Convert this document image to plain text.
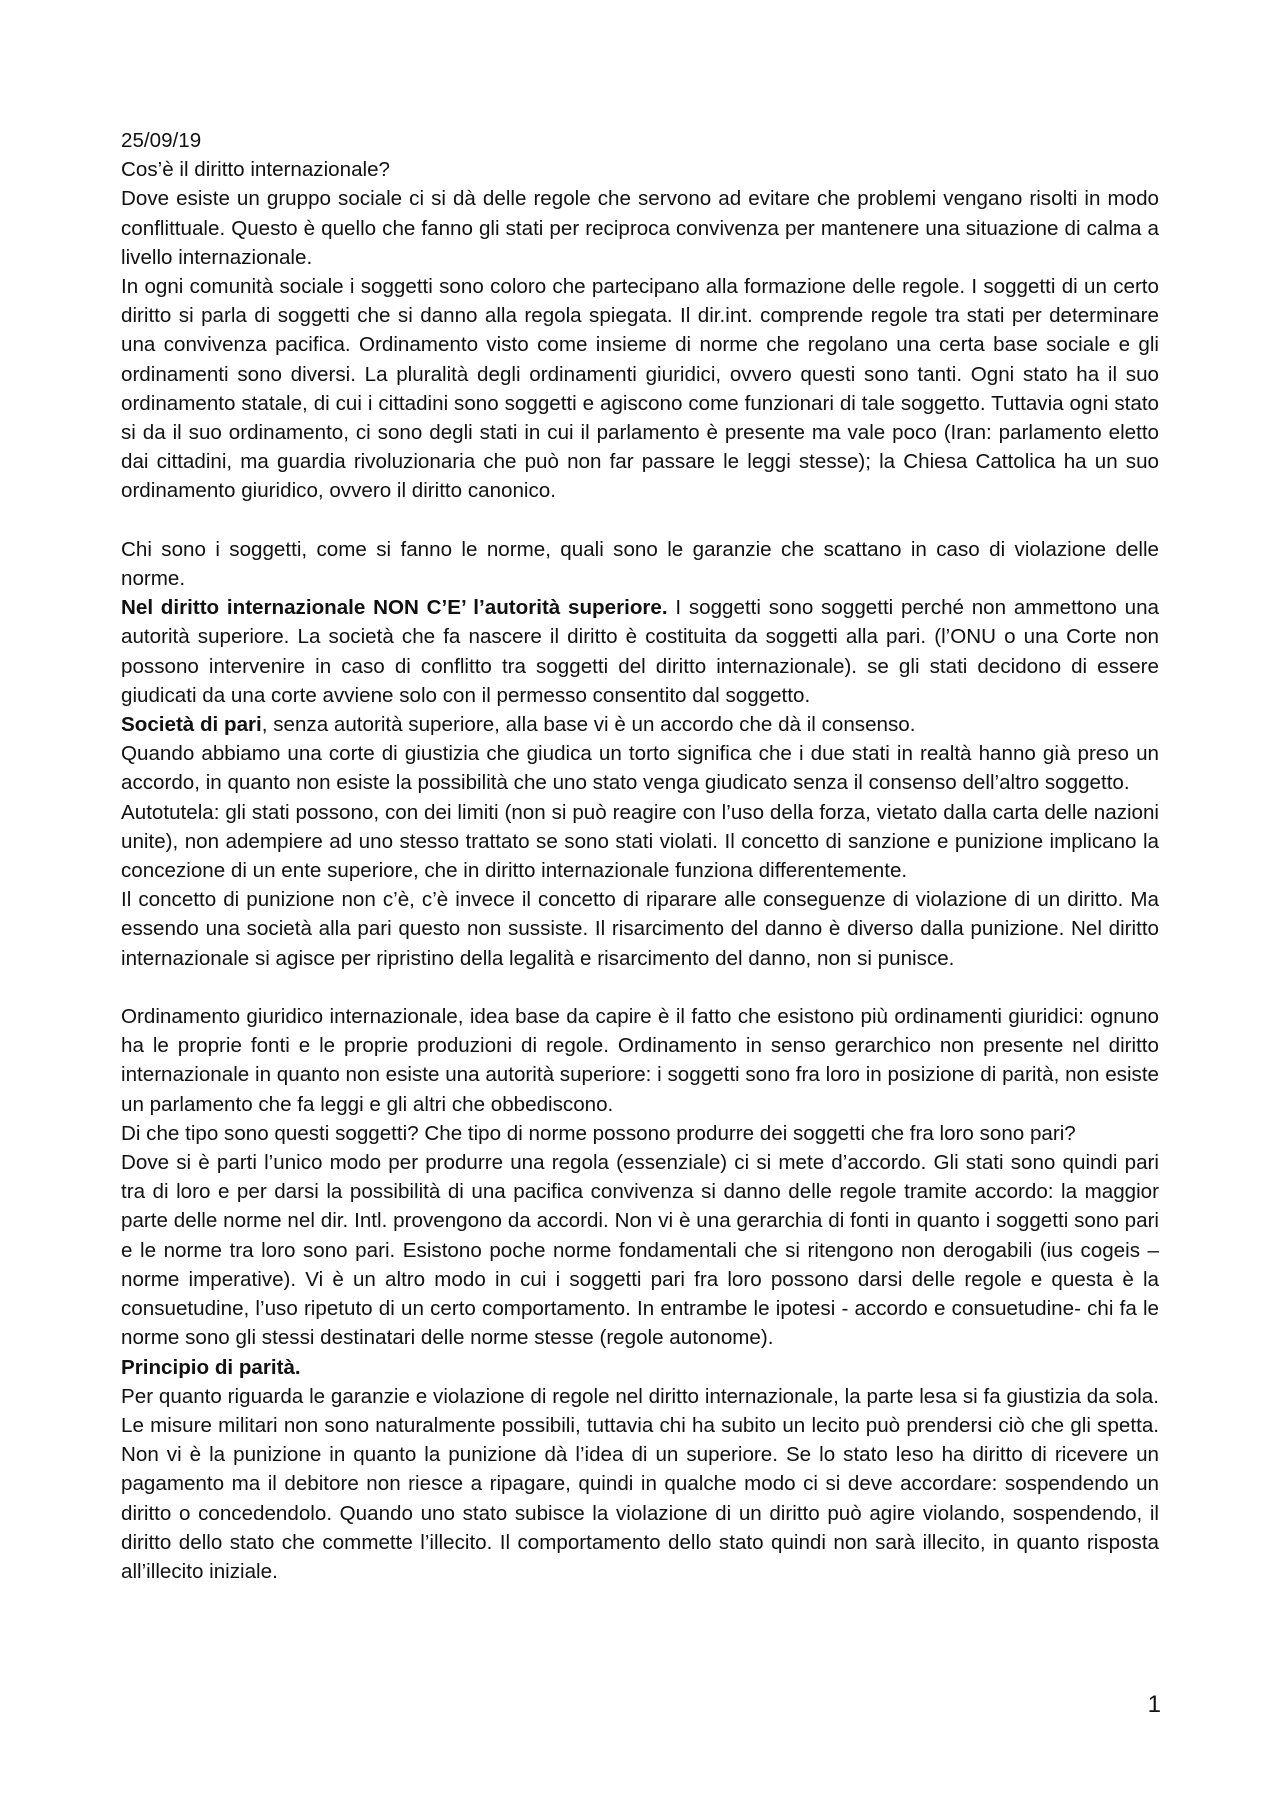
25/09/19

Cos’è il diritto internazionale?

Dove esiste un gruppo sociale ci si dà delle regole che servono ad evitare che problemi vengano risolti in modo conflittuale. Questo è quello che fanno gli stati per reciproca convivenza per mantenere una situazione di calma a livello internazionale.

In ogni comunità sociale i soggetti sono coloro che partecipano alla formazione delle regole. I soggetti di un certo diritto si parla di soggetti che si danno alla regola spiegata. Il dir.int. comprende regole tra stati per determinare una convivenza pacifica. Ordinamento visto come insieme di norme che regolano una certa base sociale e gli ordinamenti sono diversi. La pluralità degli ordinamenti giuridici, ovvero questi sono tanti. Ogni stato ha il suo ordinamento statale, di cui i cittadini sono soggetti e agiscono come funzionari di tale soggetto. Tuttavia ogni stato si da il suo ordinamento, ci sono degli stati in cui il parlamento è presente ma vale poco (Iran: parlamento eletto dai cittadini, ma guardia rivoluzionaria che può non far passare le leggi stesse); la Chiesa Cattolica ha un suo ordinamento giuridico, ovvero il diritto canonico.

Chi sono i soggetti, come si fanno le norme, quali sono le garanzie che scattano in caso di violazione delle norme.

Nel diritto internazionale NON C’E’ l’autorità superiore. I soggetti sono soggetti perché non ammettono una autorità superiore. La società che fa nascere il diritto è costituita da soggetti alla pari. (l’ONU o una Corte non possono intervenire in caso di conflitto tra soggetti del diritto internazionale). se gli stati decidono di essere giudicati da una corte avviene solo con il permesso consentito dal soggetto.

Società di pari, senza autorità superiore, alla base vi è un accordo che dà il consenso.

Quando abbiamo una corte di giustizia che giudica un torto significa che i due stati in realtà hanno già preso un accordo, in quanto non esiste la possibilità che uno stato venga giudicato senza il consenso dell’altro soggetto.

Autotutela: gli stati possono, con dei limiti (non si può reagire con l’uso della forza, vietato dalla carta delle nazioni unite), non adempiere ad uno stesso trattato se sono stati violati. Il concetto di sanzione e punizione implicano la concezione di un ente superiore, che in diritto internazionale funziona differentemente.

Il concetto di punizione non c’è, c’è invece il concetto di riparare alle conseguenze di violazione di un diritto. Ma essendo una società alla pari questo non sussiste. Il risarcimento del danno è diverso dalla punizione. Nel diritto internazionale si agisce per ripristino della legalità e risarcimento del danno, non si punisce.

Ordinamento giuridico internazionale, idea base da capire è il fatto che esistono più ordinamenti giuridici: ognuno ha le proprie fonti e le proprie produzioni di regole. Ordinamento in senso gerarchico non presente nel diritto internazionale in quanto non esiste una autorità superiore: i soggetti sono fra loro in posizione di parità, non esiste un parlamento che fa leggi e gli altri che obbediscono.

Di che tipo sono questi soggetti? Che tipo di norme possono produrre dei soggetti che fra loro sono pari?

Dove si è parti l’unico modo per produrre una regola (essenziale) ci si mete d’accordo. Gli stati sono quindi pari tra di loro e per darsi la possibilità di una pacifica convivenza si danno delle regole tramite accordo: la maggior parte delle norme nel dir. Intl. provengono da accordi. Non vi è una gerarchia di fonti in quanto i soggetti sono pari e le norme tra loro sono pari. Esistono poche norme fondamentali che si ritengono non derogabili (ius cogeis – norme imperative). Vi è un altro modo in cui i soggetti pari fra loro possono darsi delle regole e questa è la consuetudine, l’uso ripetuto di un certo comportamento. In entrambe le ipotesi - accordo e consuetudine- chi fa le norme sono gli stessi destinatari delle norme stesse (regole autonome).

Principio di parità.

Per quanto riguarda le garanzie e violazione di regole nel diritto internazionale, la parte lesa si fa giustizia da sola. Le misure militari non sono naturalmente possibili, tuttavia chi ha subito un lecito può prendersi ciò che gli spetta. Non vi è la punizione in quanto la punizione dà l’idea di un superiore. Se lo stato leso ha diritto di ricevere un pagamento ma il debitore non riesce a ripagare, quindi in qualche modo ci si deve accordare: sospendendo un diritto o concedendolo. Quando uno stato subisce la violazione di un diritto può agire violando, sospendendo, il diritto dello stato che commette l’illecito. Il comportamento dello stato quindi non sarà illecito, in quanto risposta all’illecito iniziale.

1
